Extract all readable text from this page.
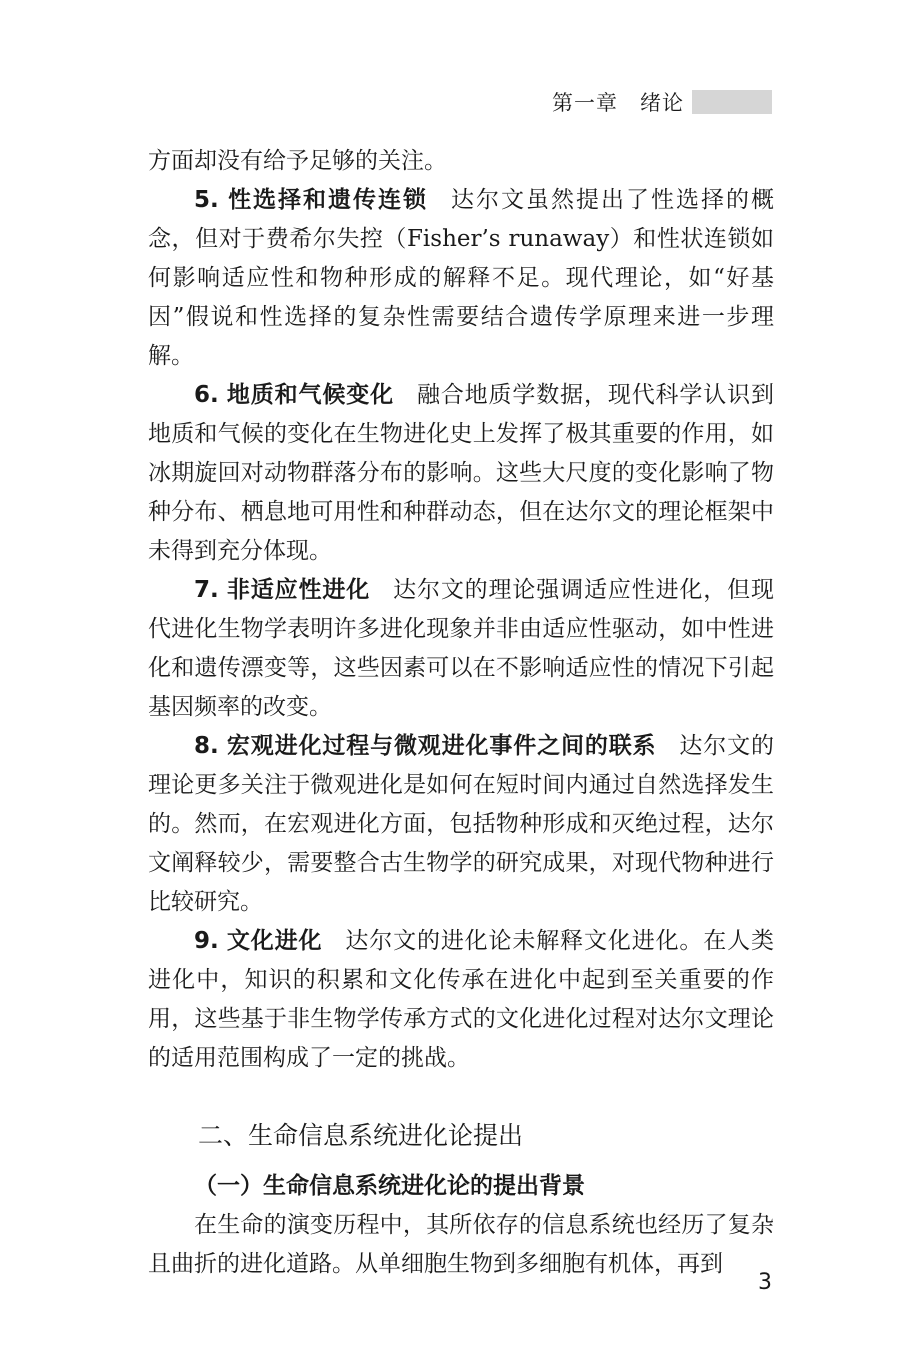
第一章　绪论

方面却没有给予足够的关注。

5. 性选择和遗传连锁 达尔文虽然提出了性选择的概念，但对于费希尔失控（Fisher’s runaway）和性状连锁如何影响适应性和物种形成的解释不足。现代理论，如“好基因”假说和性选择的复杂性需要结合遗传学原理来进一步理解。

6. 地质和气候变化 融合地质学数据，现代科学认识到地质和气候的变化在生物进化史上发挥了极其重要的作用，如冰期旋回对动物群落分布的影响。这些大尺度的变化影响了物种分布、栖息地可用性和种群动态，但在达尔文的理论框架中未得到充分体现。

7. 非适应性进化 达尔文的理论强调适应性进化，但现代进化生物学表明许多进化现象并非由适应性驱动，如中性进化和遗传漂变等，这些因素可以在不影响适应性的情况下引起基因频率的改变。

8. 宏观进化过程与微观进化事件之间的联系 达尔文的理论更多关注于微观进化是如何在短时间内通过自然选择发生的。然而，在宏观进化方面，包括物种形成和灭绝过程，达尔文阐释较少，需要整合古生物学的研究成果，对现代物种进行比较研究。

9. 文化进化 达尔文的进化论未解释文化进化。在人类进化中，知识的积累和文化传承在进化中起到至关重要的作用，这些基于非生物学传承方式的文化进化过程对达尔文理论的适用范围构成了一定的挑战。

二、生命信息系统进化论提出
（一）生命信息系统进化论的提出背景

在生命的演变历程中，其所依存的信息系统也经历了复杂且曲折的进化道路。从单细胞生物到多细胞有机体，再到

3
